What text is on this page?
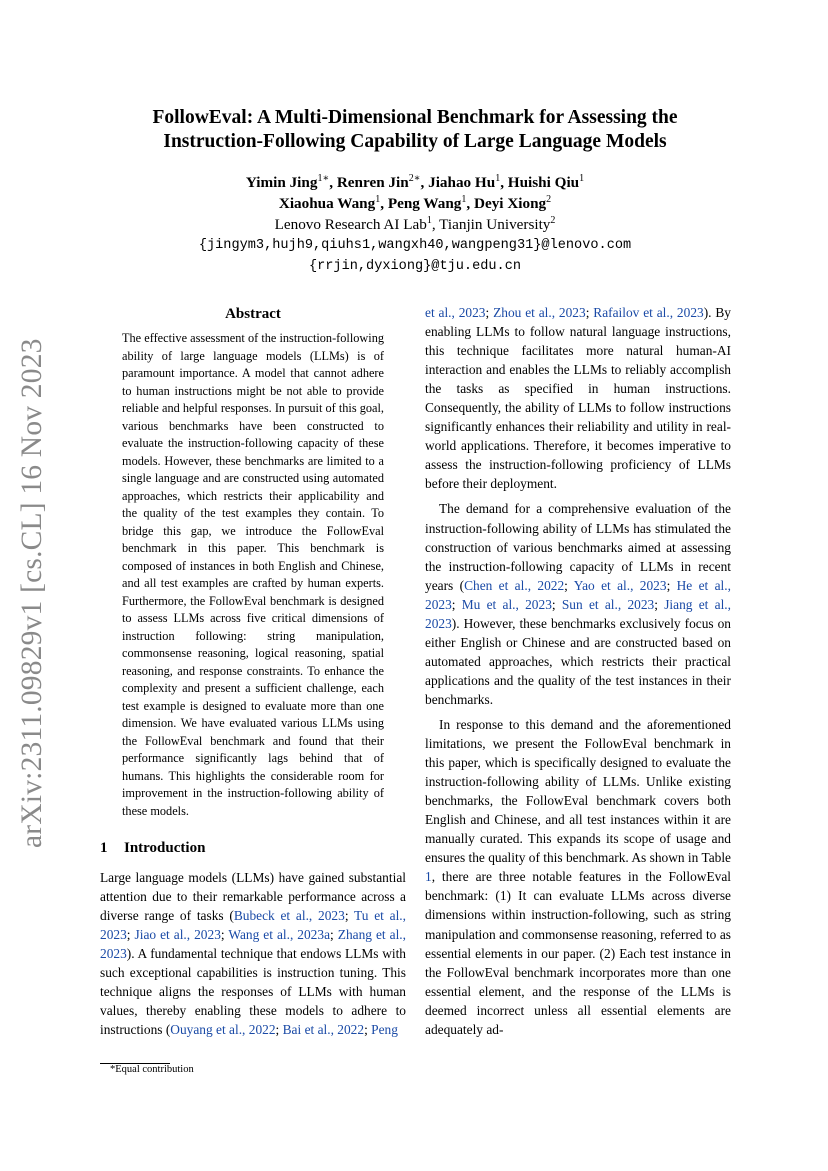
arXiv:2311.09829v1 [cs.CL] 16 Nov 2023
FollowEval: A Multi-Dimensional Benchmark for Assessing the
Instruction-Following Capability of Large Language Models
Yimin Jing$^{1∗}$, Renren Jin$^{2∗}$, Jiahao Hu$^1$, Huishi Qiu$^1$
Xiaohua Wang$^1$, Peng Wang$^1$, Deyi Xiong$^2$
Lenovo Research AI Lab$^1$, Tianjin University$^2$
{jingym3,hujh9,qiuhs1,wangxh40,wangpeng31}@lenovo.com
{rrjin,dyxiong}@tju.edu.cn
Abstract
The effective assessment of the instruction-following ability of large language models (LLMs) is of paramount importance. A model that cannot adhere to human instructions might be not able to provide reliable and helpful responses. In pursuit of this goal, various benchmarks have been constructed to evaluate the instruction-following capacity of these models. However, these benchmarks are limited to a single language and are constructed using automated approaches, which restricts their applicability and the quality of the test examples they contain. To bridge this gap, we introduce the FollowEval benchmark in this paper. This benchmark is composed of instances in both English and Chinese, and all test examples are crafted by human experts. Furthermore, the FollowEval benchmark is designed to assess LLMs across five critical dimensions of instruction following: string manipulation, commonsense reasoning, logical reasoning, spatial reasoning, and response constraints. To enhance the complexity and present a sufficient challenge, each test example is designed to evaluate more than one dimension. We have evaluated various LLMs using the FollowEval benchmark and found that their performance significantly lags behind that of humans. This highlights the considerable room for improvement in the instruction-following ability of these models.
1 Introduction

Large language models (LLMs) have gained substantial attention due to their remarkable performance across a diverse range of tasks (Bubeck et al., 2023; Tu et al., 2023; Jiao et al., 2023; Wang et al., 2023a; Zhang et al., 2023). A fundamental technique that endows LLMs with such exceptional capabilities is instruction tuning. This technique aligns the responses of LLMs with human values, thereby enabling these models to adhere to instructions (Ouyang et al., 2022; Bai et al., 2022; Peng

et al., 2023; Zhou et al., 2023; Rafailov et al., 2023). By enabling LLMs to follow natural language instructions, this technique facilitates more natural human-AI interaction and enables the LLMs to reliably accomplish the tasks as specified in human instructions. Consequently, the ability of LLMs to follow instructions significantly enhances their reliability and utility in real-world applications. Therefore, it becomes imperative to assess the instruction-following proficiency of LLMs before their deployment.

The demand for a comprehensive evaluation of the instruction-following ability of LLMs has stimulated the construction of various benchmarks aimed at assessing the instruction-following capacity of LLMs in recent years (Chen et al., 2022; Yao et al., 2023; He et al., 2023; Mu et al., 2023; Sun et al., 2023; Jiang et al., 2023). However, these benchmarks exclusively focus on either English or Chinese and are constructed based on automated approaches, which restricts their practical applications and the quality of the test instances in their benchmarks.

In response to this demand and the aforementioned limitations, we present the FollowEval benchmark in this paper, which is specifically designed to evaluate the instruction-following ability of LLMs. Unlike existing benchmarks, the FollowEval benchmark covers both English and Chinese, and all test instances within it are manually curated. This expands its scope of usage and ensures the quality of this benchmark. As shown in Table 1, there are three notable features in the FollowEval benchmark: (1) It can evaluate LLMs across diverse dimensions within instruction-following, such as string manipulation and commonsense reasoning, referred to as essential elements in our paper. (2) Each test instance in the FollowEval benchmark incorporates more than one essential element, and the response of the LLMs is deemed incorrect unless all essential elements are adequately ad-

*Equal contribution
